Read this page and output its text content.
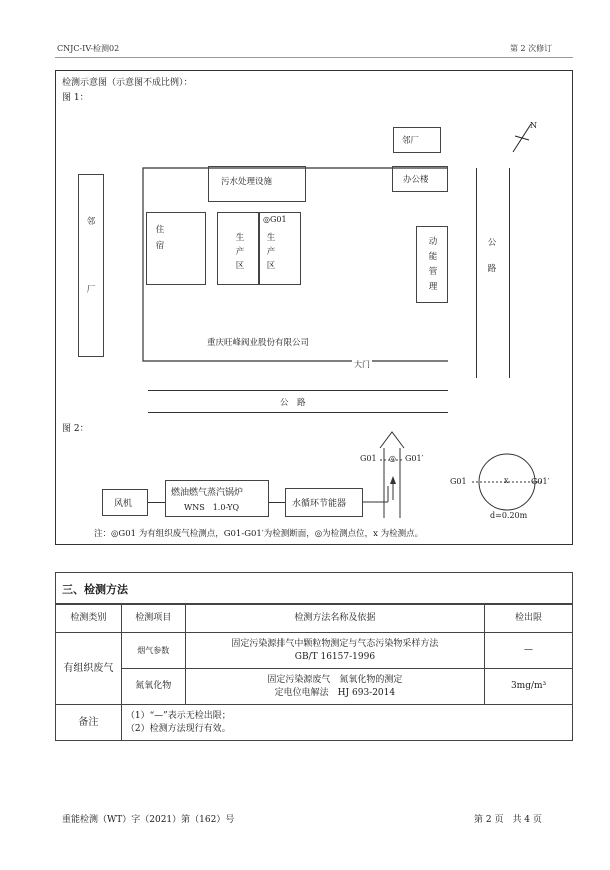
CNJC-IV-检测02	第 2 次修订
检测示意图（示意图不成比例）：
图 1：
邻
厂
邻厂
N
污水处理设施	办公楼
住
宿
生
产
区
◎G01
生
产
区
动
能
管
理
公
路
重庆旺峰阀业股份有限公司
大门
公　路
图 2：
风机
燃油燃气蒸汽锅炉
WNS　1.0-YQ	水循环节能器
G01 ◎ G01′
G01	x	G01′
d=0.20m
注：◎G01 为有组织废气检测点，G01-G01′为检测断面，◎为检测点位，x 为检测点。
三、检测方法
检测类别	检测项目	检测方法名称及依据	检出限
有组织废气	烟气参数	固定污染源排气中颗粒物测定与气态污染物采样方法
GB/T 16157-1996	—
	氮氧化物	固定污染源废气　氮氧化物的测定
定电位电解法　HJ 693-2014	3mg/m³
备注	（1）“—”表示无检出限；
（2）检测方法现行有效。		
重能检测（WT）字（2021）第（162）号	第 2 页　共 4 页
